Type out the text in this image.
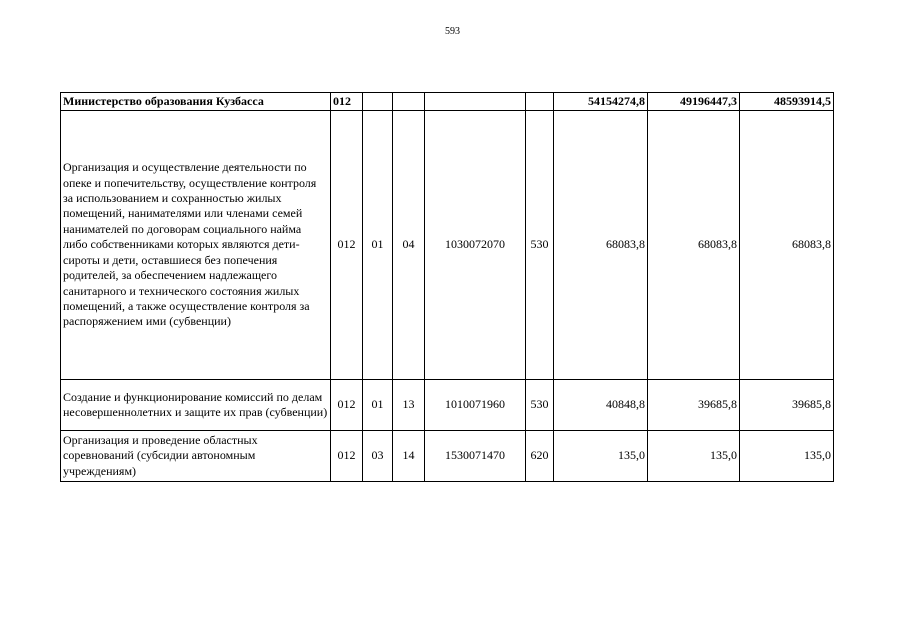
593
Министерство образования Кузбасса	012					54154274,8	49196447,3	48593914,5
Организация и осуществление деятельности по опеке и попечительству, осуществление контроля за использованием и сохранностью жилых помещений, нанимателями или членами семей нанимателей по договорам социального найма либо собственниками которых являются дети-сироты и дети, оставшиеся без попечения родителей, за обеспечением надлежащего санитарного и технического состояния жилых помещений, а также осуществление контроля за распоряжением ими (субвенции)	012	01	04	1030072070	530	68083,8	68083,8	68083,8
Создание и функционирование комиссий по делам несовершеннолетних и защите их прав (субвенции)	012	01	13	1010071960	530	40848,8	39685,8	39685,8
Организация и проведение областных соревнований (субсидии автономным учреждениям)	012	03	14	1530071470	620	135,0	135,0	135,0
